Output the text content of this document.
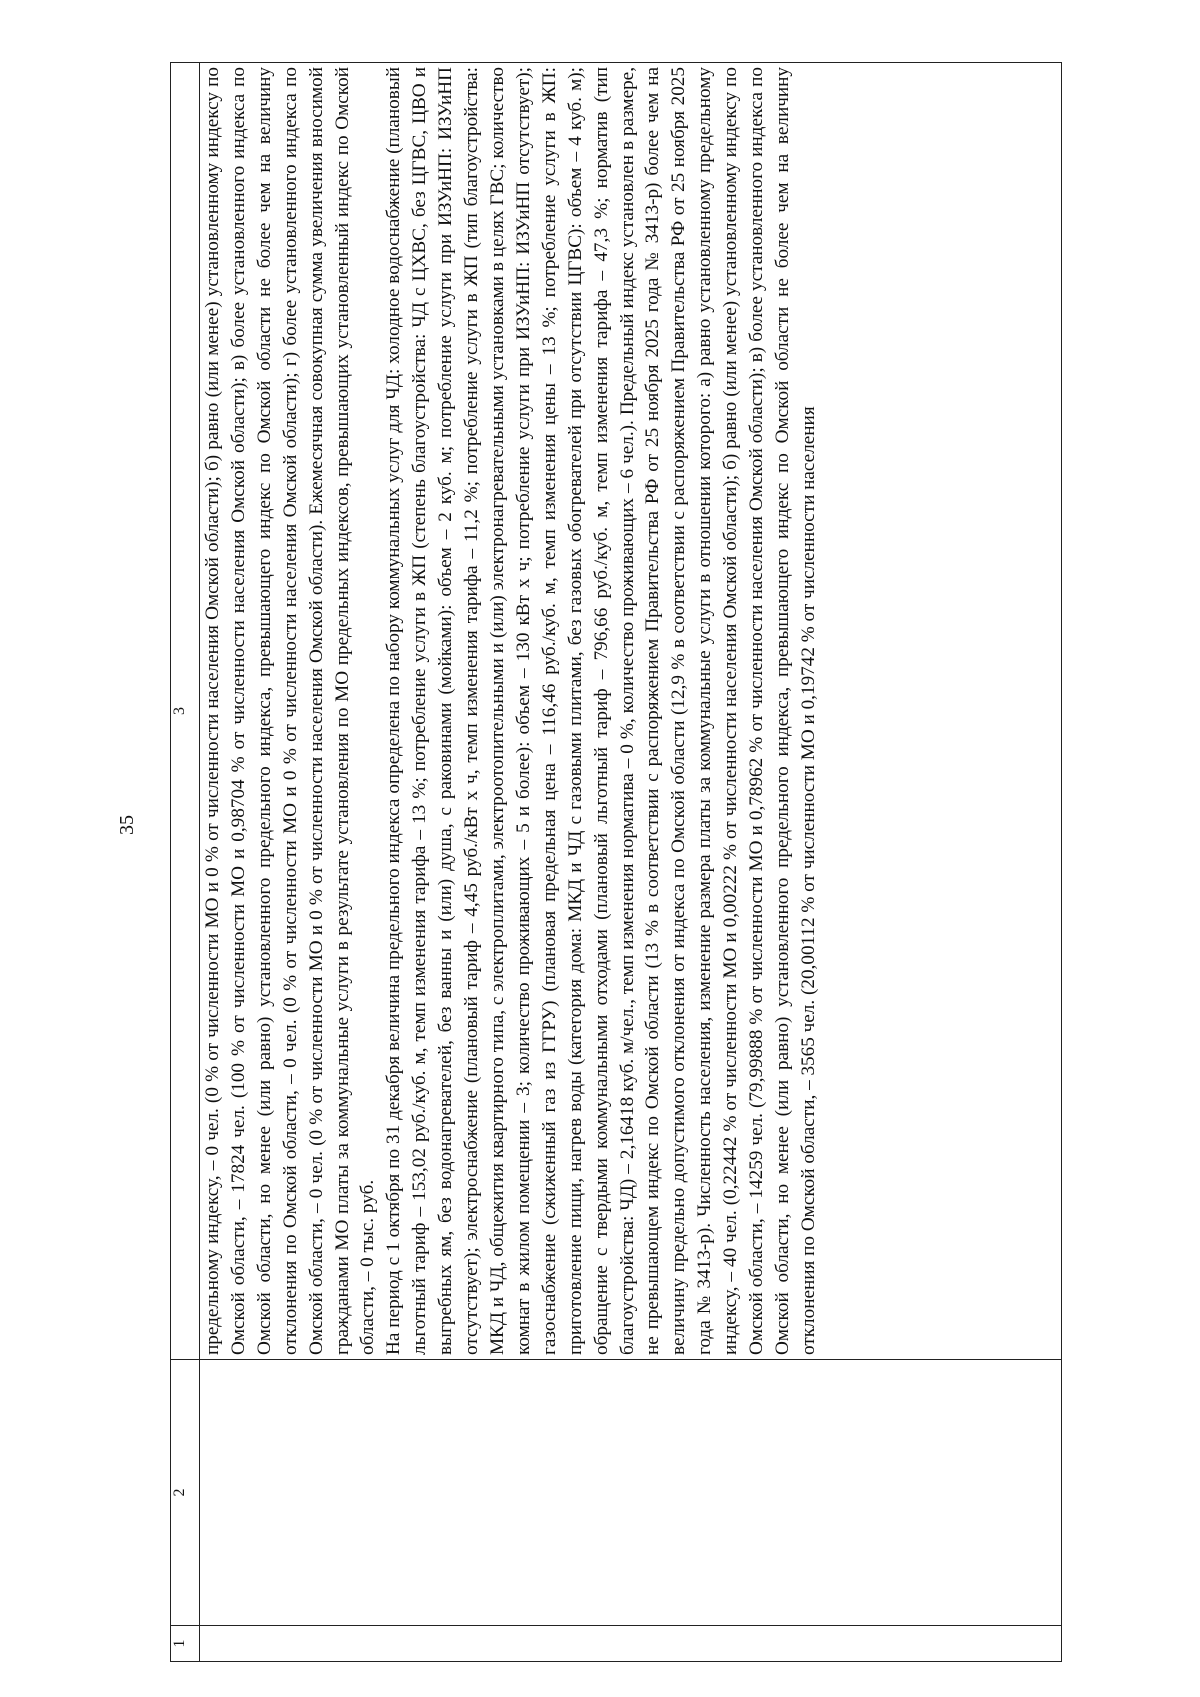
35
1	2	3

		предельному индексу, – 0 чел. (0 % от численности МО и 0 % от численности населения Омской области); б) равно (или менее) установленному индексу по Омской области, – 17824 чел. (100 % от численности МО и 0,98704 % от численности населения Омской области); в) более установленного индекса по Омской области, но менее (или равно) установленного предельного индекса, превышающего индекс по Омской области не более чем на величину отклонения по Омской области, – 0 чел. (0 % от численности МО и 0 % от численности населения Омской области); г) более установленного индекса по Омской области, – 0 чел. (0 % от численности МО и 0 % от численности населения Омской области). Ежемесячная совокупная сумма увеличения вносимой гражданами МО платы за коммунальные услуги в результате установления по МО предельных индексов, превышающих установленный индекс по Омской области, – 0 тыс. руб. На период с 1 октября по 31 декабря величина предельного индекса определена по набору коммунальных услуг для ЧД: холодное водоснабжение (плановый льготный тариф – 153,02 руб./куб. м, темп изменения тарифа – 13 %; потребление услуги в ЖП (степень благоустройства: ЧД с ЦХВС, без ЦГВС, ЦВО и выгребных ям, без водонагревателей, без ванны и (или) душа, с раковинами (мойками): объем – 2 куб. м; потребление услуги при ИЗУиНП: ИЗУиНП отсутствует); электроснабжение (плановый тариф – 4,45 руб./кВт х ч, темп изменения тарифа – 11,2 %; потребление услуги в ЖП (тип благоустройства: МКД и ЧД, общежития квартирного типа, с электроплитами, электроотопительными и (или) электронагревательными установками в целях ГВС; количество комнат в жилом помещении – 3; количество проживающих – 5 и более): объем – 130 кВт х ч; потребление услуги при ИЗУиНП: ИЗУиНП отсутствует); газоснабжение (сжиженный газ из ГГРУ) (плановая предельная цена – 116,46 руб./куб. м, темп изменения цены – 13 %; потребление услуги в ЖП: приготовление пищи, нагрев воды (категория дома: МКД и ЧД с газовыми плитами, без газовых обогревателей при отсутствии ЦГВС): объем – 4 куб. м); обращение с твердыми коммунальными отходами (плановый льготный тариф – 796,66 руб./куб. м, темп изменения тарифа – 47,3 %; норматив (тип благоустройства: ЧД) – 2,16418 куб. м/чел., темп изменения норматива – 0 %, количество проживающих – 6 чел.). Предельный индекс установлен в размере, не превышающем индекс по Омской области (13 % в соответствии с распоряжением Правительства РФ от 25 ноября 2025 года № 3413-р) более чем на величину предельно допустимого отклонения от индекса по Омской области (12,9 % в соответствии с распоряжением Правительства РФ от 25 ноября 2025 года № 3413-р). Численность населения, изменение размера платы за коммунальные услуги в отношении которого: а) равно установленному предельному индексу, – 40 чел. (0,22442 % от численности МО и 0,00222 % от численности населения Омской области); б) равно (или менее) установленному индексу по Омской области, – 14259 чел. (79,99888 % от численности МО и 0,78962 % от численности населения Омской области); в) более установленного индекса по Омской области, но менее (или равно) установленного предельного индекса, превышающего индекс по Омской области не более чем на величину отклонения по Омской области, – 3565 чел. (20,00112 % от численности МО и 0,19742 % от численности населения
